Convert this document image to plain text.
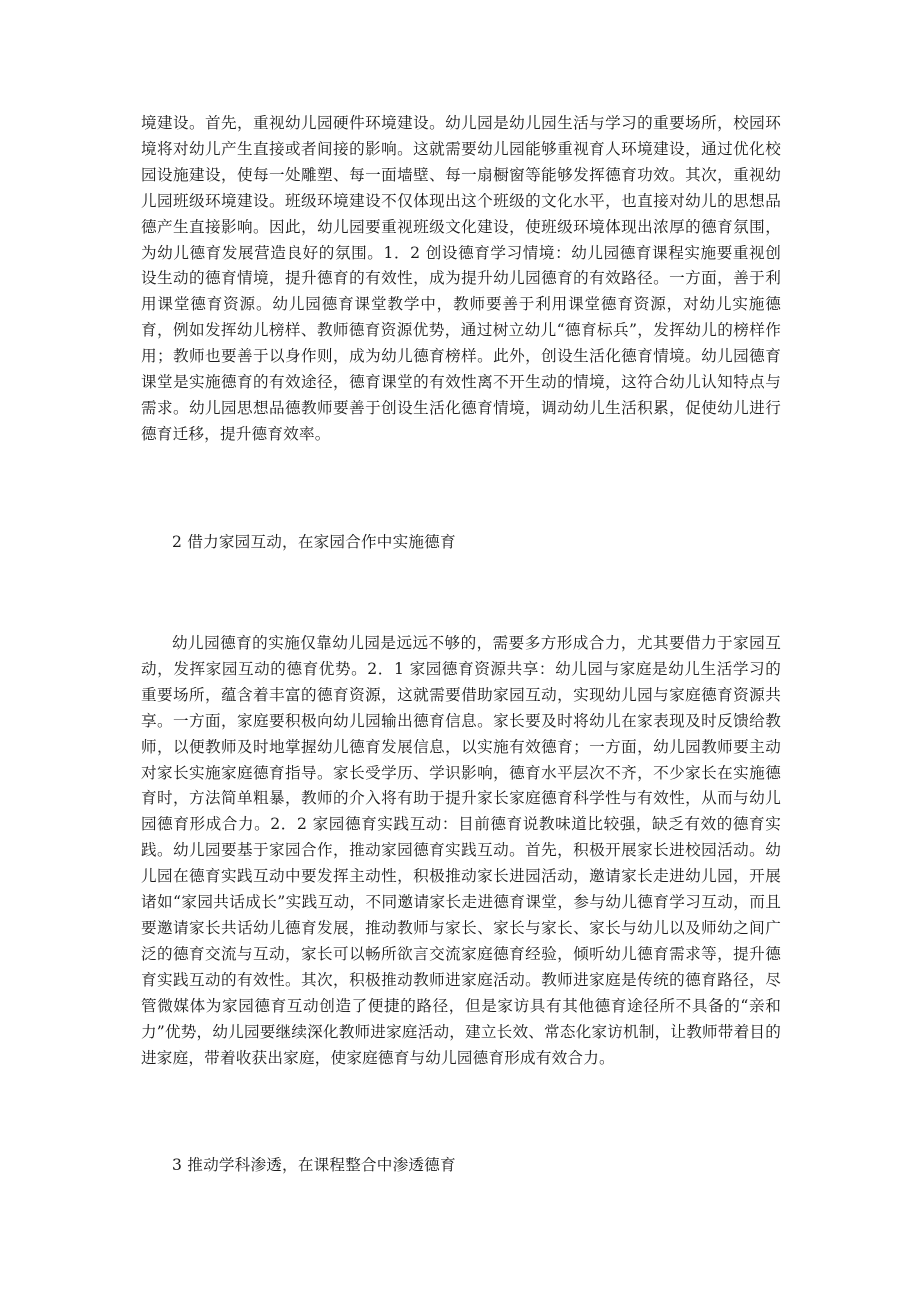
境建设。首先，重视幼儿园硬件环境建设。幼儿园是幼儿园生活与学习的重要场所，校园环境将对幼儿产生直接或者间接的影响。这就需要幼儿园能够重视育人环境建设，通过优化校园设施建设，使每一处雕塑、每一面墙壁、每一扇橱窗等能够发挥德育功效。其次，重视幼儿园班级环境建设。班级环境建设不仅体现出这个班级的文化水平，也直接对幼儿的思想品德产生直接影响。因此，幼儿园要重视班级文化建设，使班级环境体现出浓厚的德育氛围，为幼儿德育发展营造良好的氛围。1．2 创设德育学习情境：幼儿园德育课程实施要重视创设生动的德育情境，提升德育的有效性，成为提升幼儿园德育的有效路径。一方面，善于利用课堂德育资源。幼儿园德育课堂教学中，教师要善于利用课堂德育资源，对幼儿实施德育，例如发挥幼儿榜样、教师德育资源优势，通过树立幼儿“德育标兵”，发挥幼儿的榜样作用；教师也要善于以身作则，成为幼儿德育榜样。此外，创设生活化德育情境。幼儿园德育课堂是实施德育的有效途径，德育课堂的有效性离不开生动的情境，这符合幼儿认知特点与需求。幼儿园思想品德教师要善于创设生活化德育情境，调动幼儿生活积累，促使幼儿进行德育迁移，提升德育效率。

2 借力家园互动，在家园合作中实施德育

幼儿园德育的实施仅靠幼儿园是远远不够的，需要多方形成合力，尤其要借力于家园互动，发挥家园互动的德育优势。2．1 家园德育资源共享：幼儿园与家庭是幼儿生活学习的重要场所，蕴含着丰富的德育资源，这就需要借助家园互动，实现幼儿园与家庭德育资源共享。一方面，家庭要积极向幼儿园输出德育信息。家长要及时将幼儿在家表现及时反馈给教师，以便教师及时地掌握幼儿德育发展信息，以实施有效德育；一方面，幼儿园教师要主动对家长实施家庭德育指导。家长受学历、学识影响，德育水平层次不齐，不少家长在实施德育时，方法简单粗暴，教师的介入将有助于提升家长家庭德育科学性与有效性，从而与幼儿园德育形成合力。2．2 家园德育实践互动：目前德育说教味道比较强，缺乏有效的德育实践。幼儿园要基于家园合作，推动家园德育实践互动。首先，积极开展家长进校园活动。幼儿园在德育实践互动中要发挥主动性，积极推动家长进园活动，邀请家长走进幼儿园，开展诸如“家园共话成长”实践互动，不同邀请家长走进德育课堂，参与幼儿德育学习互动，而且要邀请家长共话幼儿德育发展，推动教师与家长、家长与家长、家长与幼儿以及师幼之间广泛的德育交流与互动，家长可以畅所欲言交流家庭德育经验，倾听幼儿德育需求等，提升德育实践互动的有效性。其次，积极推动教师进家庭活动。教师进家庭是传统的德育路径，尽管微媒体为家园德育互动创造了便捷的路径，但是家访具有其他德育途径所不具备的“亲和力”优势，幼儿园要继续深化教师进家庭活动，建立长效、常态化家访机制，让教师带着目的进家庭，带着收获出家庭，使家庭德育与幼儿园德育形成有效合力。

3 推动学科渗透，在课程整合中渗透德育
